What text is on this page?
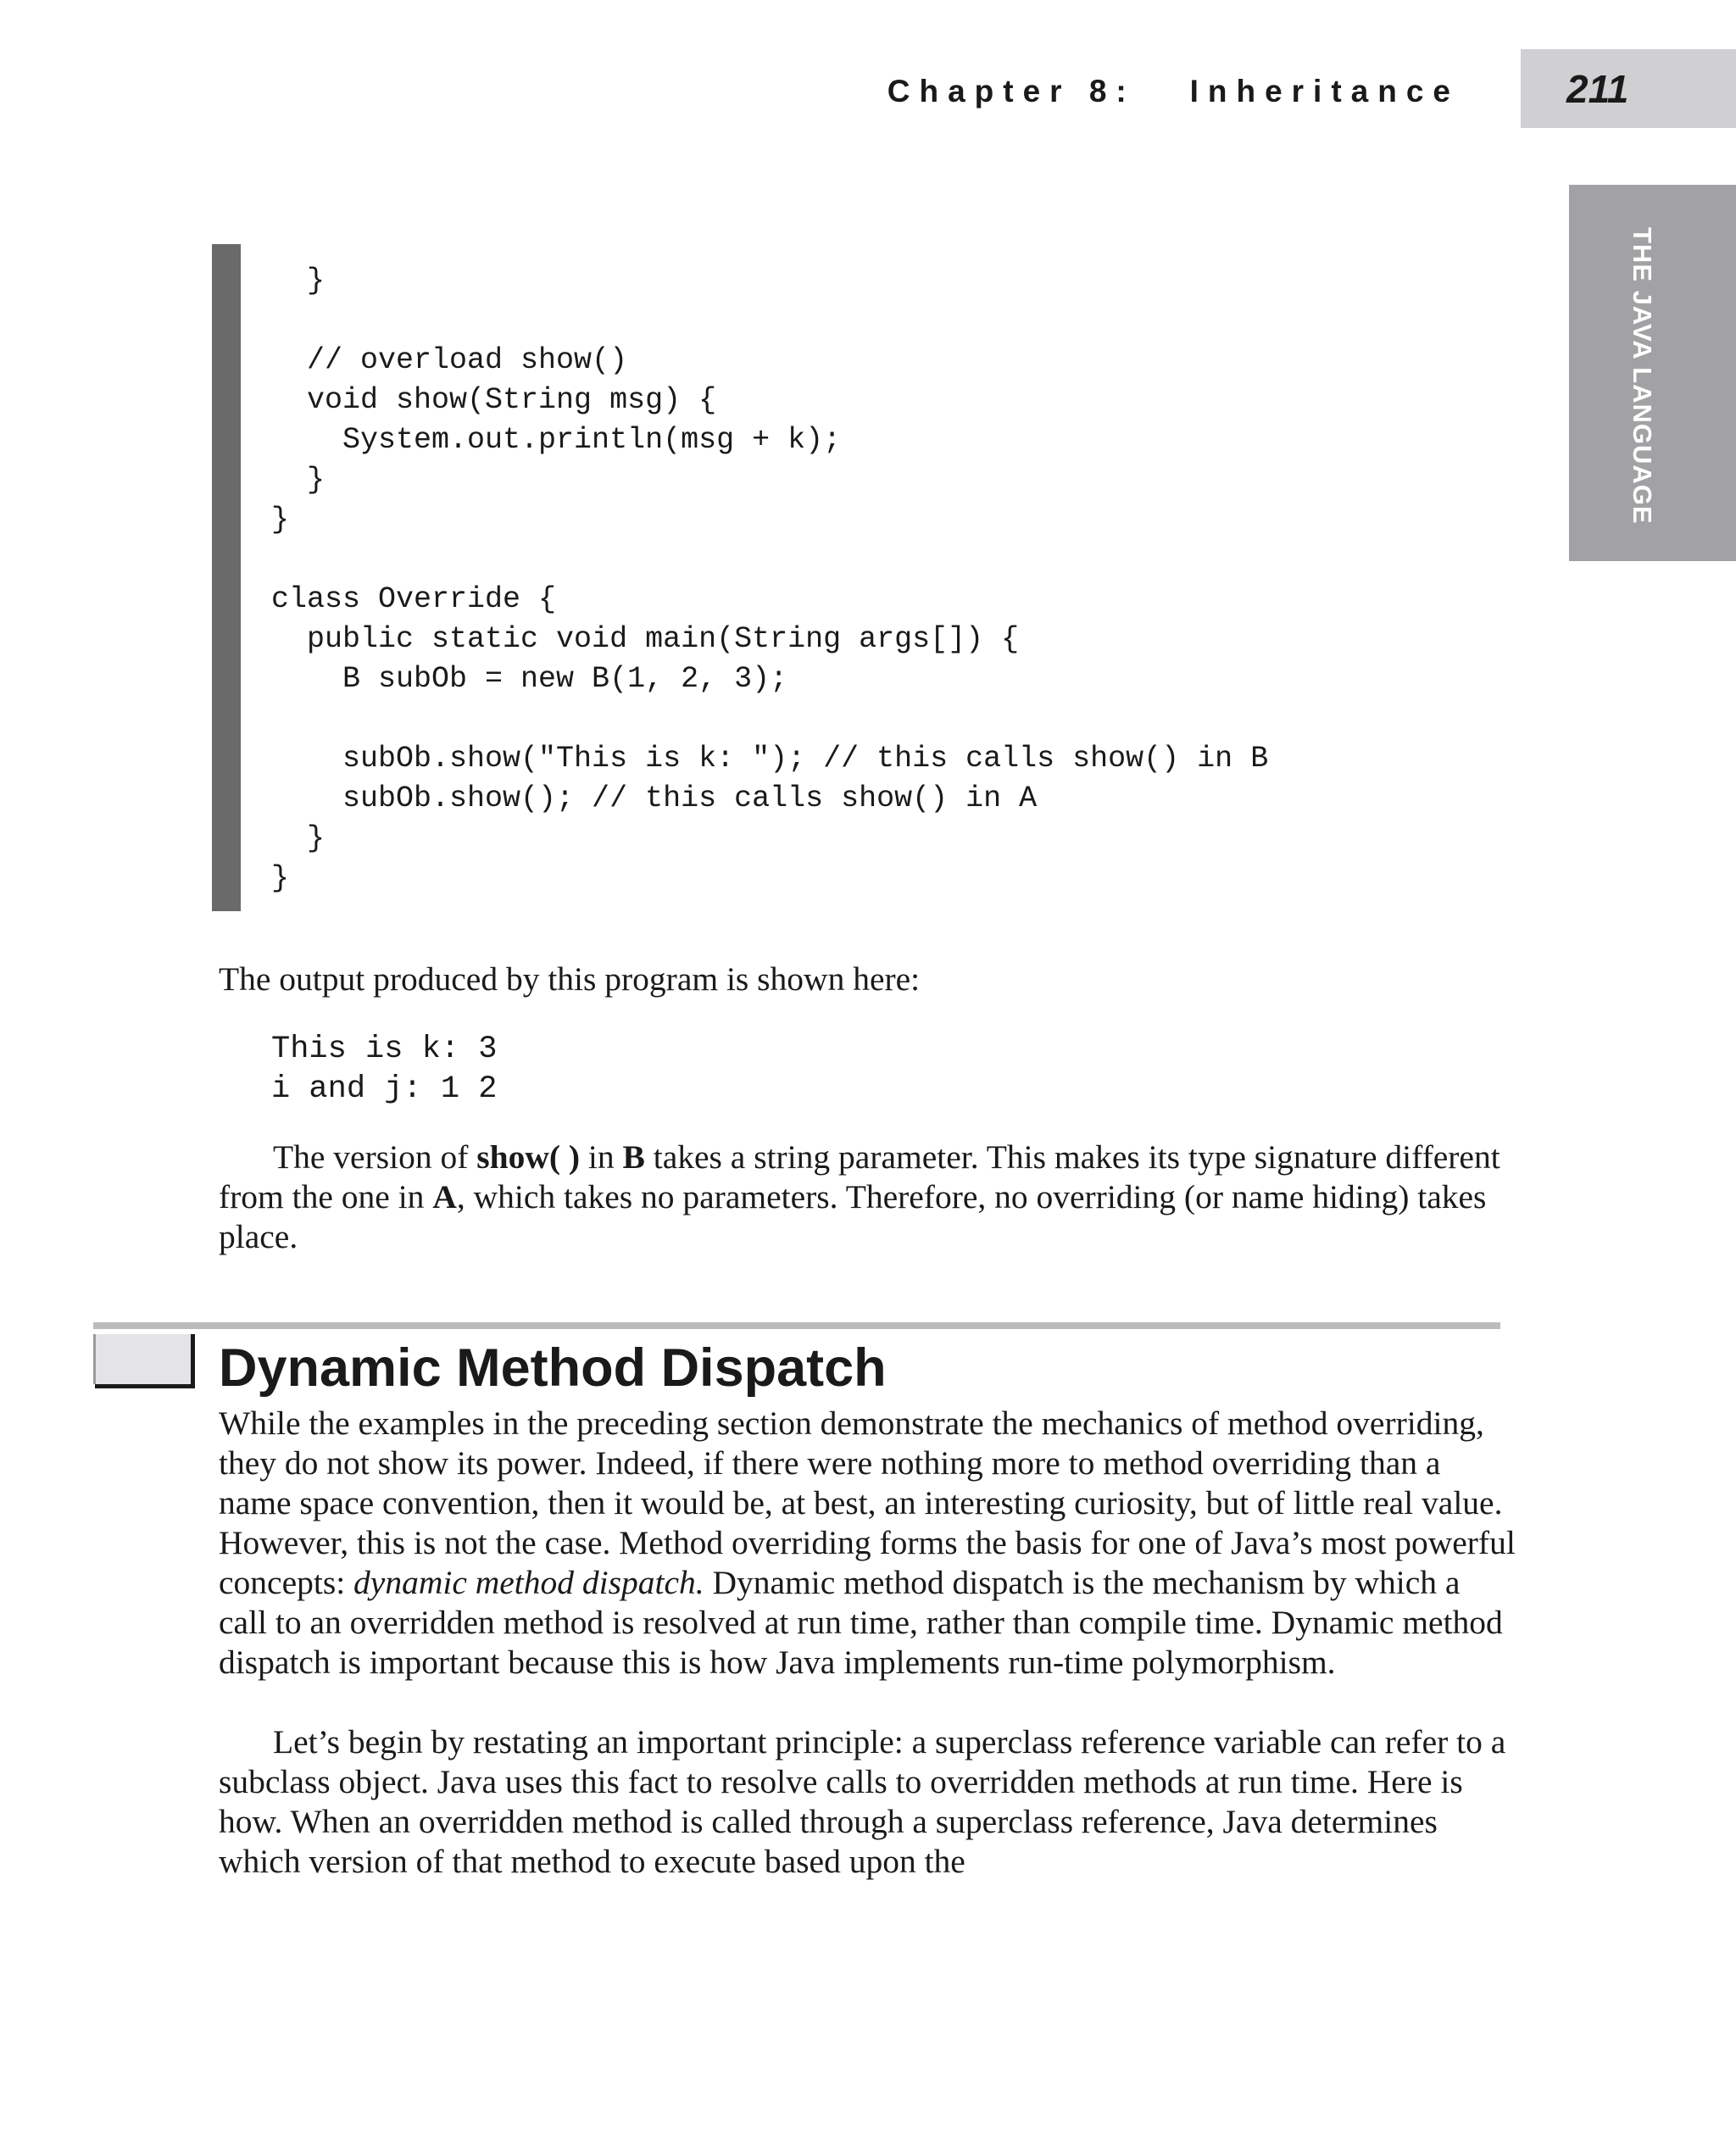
Chapter 8:   Inheritance	211
THE JAVA LANGUAGE
}
// overload show()
void show(String msg) {
System.out.println(msg + k);
}
}
class Override {
public static void main(String args[]) {
B subOb = new B(1, 2, 3);
subOb.show("This is k: "); // this calls show() in B
subOb.show(); // this calls show() in A
}
}

The output produced by this program is shown here:

This is k: 3
i and j: 1 2

The version of show( ) in B takes a string parameter. This makes its type signature different from the one in A, which takes no parameters. Therefore, no overriding (or name hiding) takes place.

Dynamic Method Dispatch

While the examples in the preceding section demonstrate the mechanics of method overriding, they do not show its power. Indeed, if there were nothing more to method overriding than a name space convention, then it would be, at best, an interesting curiosity, but of little real value. However, this is not the case. Method overriding forms the basis for one of Java’s most powerful concepts: dynamic method dispatch. Dynamic method dispatch is the mechanism by which a call to an overridden method is resolved at run time, rather than compile time. Dynamic method dispatch is important because this is how Java implements run-time polymorphism.

Let’s begin by restating an important principle: a superclass reference variable can refer to a subclass object. Java uses this fact to resolve calls to overridden methods at run time. Here is how. When an overridden method is called through a superclass reference, Java determines which version of that method to execute based upon the
